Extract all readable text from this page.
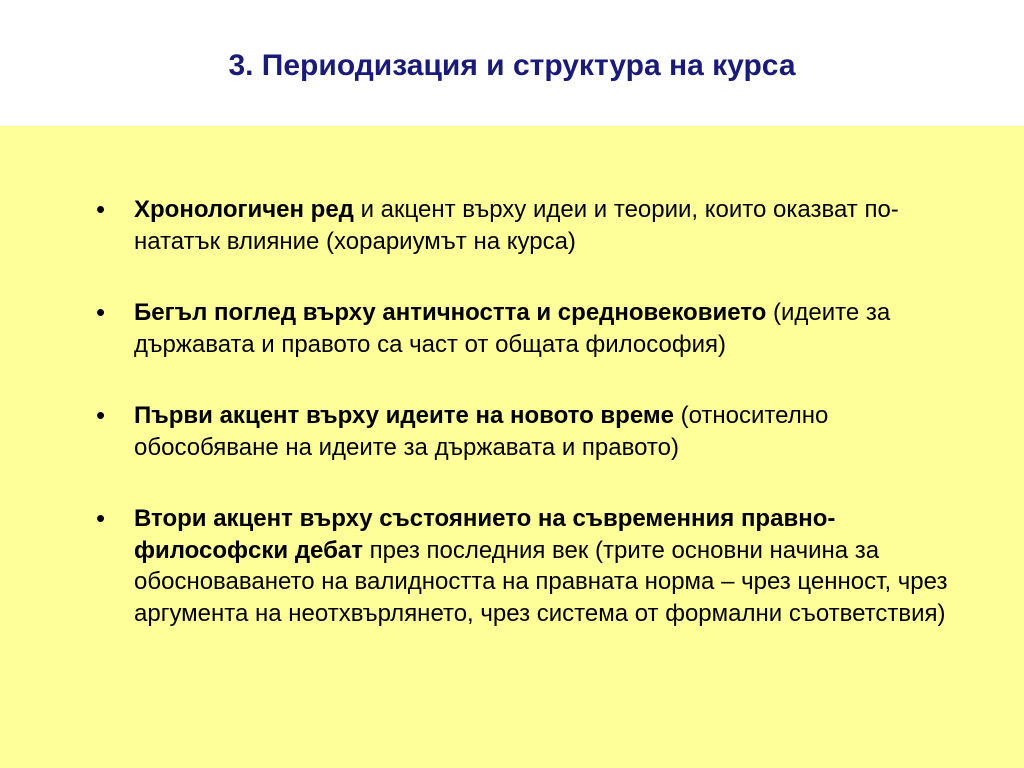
3. Периодизация и структура на курса
• Хронологичен ред и акцент върху идеи и теории, които оказват по-нататък влияние (хорариумът на курса)
• Бегъл поглед върху античността и средновековието (идеите за държавата и правото са част от общата философия)
• Първи акцент върху идеите на новото време (относително обособяване на идеите за държавата и правото)
• Втори акцент върху състоянието на съвременния правно-философски дебат през последния век (трите основни начина за обосноваването на валидността на правната норма – чрез ценност, чрез аргумента на неотхвърлянето, чрез система от формални съответствия)
